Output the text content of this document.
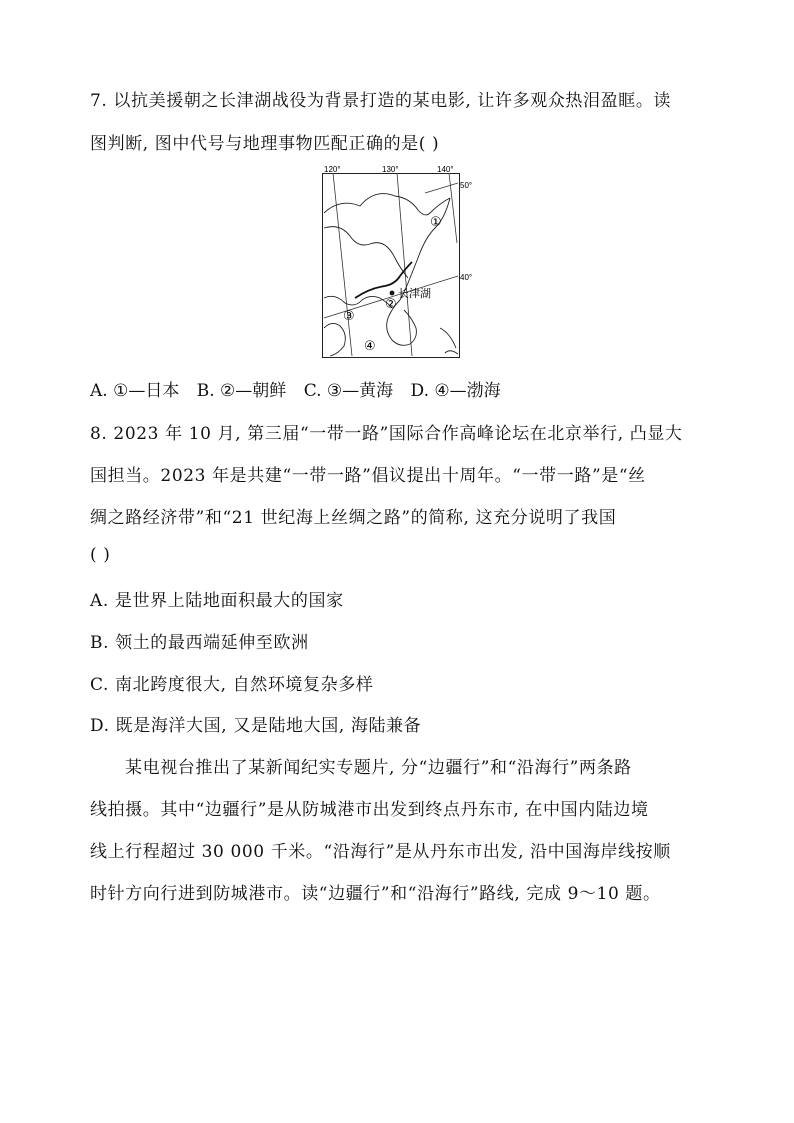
7. 以抗美援朝之长津湖战役为背景打造的某电影, 让许多观众热泪盈眶。读
图判断, 图中代号与地理事物匹配正确的是( )
120°	130°	140°
50°
40°
长津湖
①
②
③
④
A. ①—日本 B. ②—朝鲜 C. ③—黄海 D. ④—渤海
8. 2023 年 10 月, 第三届“一带一路”国际合作高峰论坛在北京举行, 凸显大
国担当。2023 年是共建“一带一路”倡议提出十周年。“一带一路”是“丝
绸之路经济带”和“21 世纪海上丝绸之路”的简称, 这充分说明了我国
( )
A. 是世界上陆地面积最大的国家
B. 领土的最西端延伸至欧洲
C. 南北跨度很大, 自然环境复杂多样
D. 既是海洋大国, 又是陆地大国, 海陆兼备
某电视台推出了某新闻纪实专题片, 分“边疆行”和“沿海行”两条路
线拍摄。其中“边疆行”是从防城港市出发到终点丹东市, 在中国内陆边境
线上行程超过 30 000 千米。“沿海行”是从丹东市出发, 沿中国海岸线按顺
时针方向行进到防城港市。读“边疆行”和“沿海行”路线, 完成 9～10 题。
